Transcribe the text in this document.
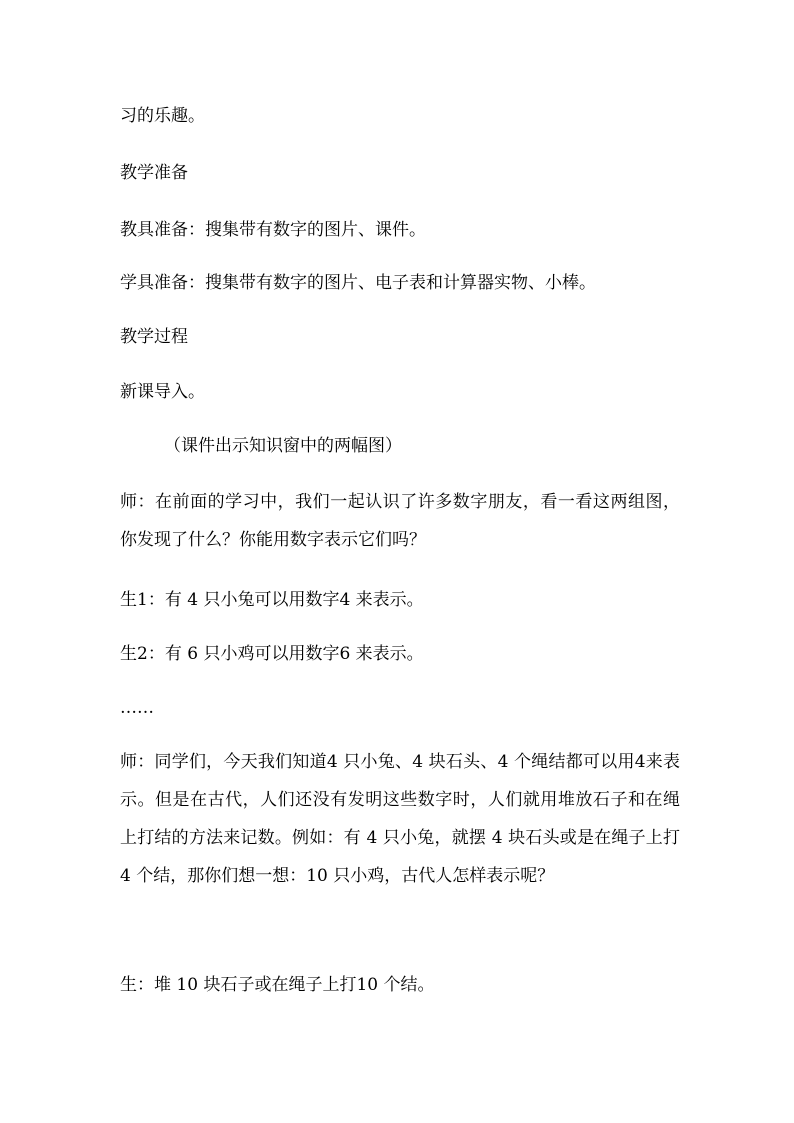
习的乐趣。

教学准备

教具准备：搜集带有数字的图片、课件。

学具准备：搜集带有数字的图片、电子表和计算器实物、小棒。

教学过程

新课导入。

（课件出示知识窗中的两幅图）

师：在前面的学习中，我们一起认识了许多数字朋友，看一看这两组图，你发现了什么？你能用数字表示它们吗？

生1：有 4 只小兔可以用数字4 来表示。

生2：有 6 只小鸡可以用数字6 来表示。

……

师：同学们，今天我们知道4 只小兔、4 块石头、4 个绳结都可以用4来表示。但是在古代，人们还没有发明这些数字时，人们就用堆放石子和在绳上打结的方法来记数。例如：有 4 只小兔，就摆 4 块石头或是在绳子上打 4 个结，那你们想一想：10 只小鸡，古代人怎样表示呢？

生：堆 10 块石子或在绳子上打10 个结。
